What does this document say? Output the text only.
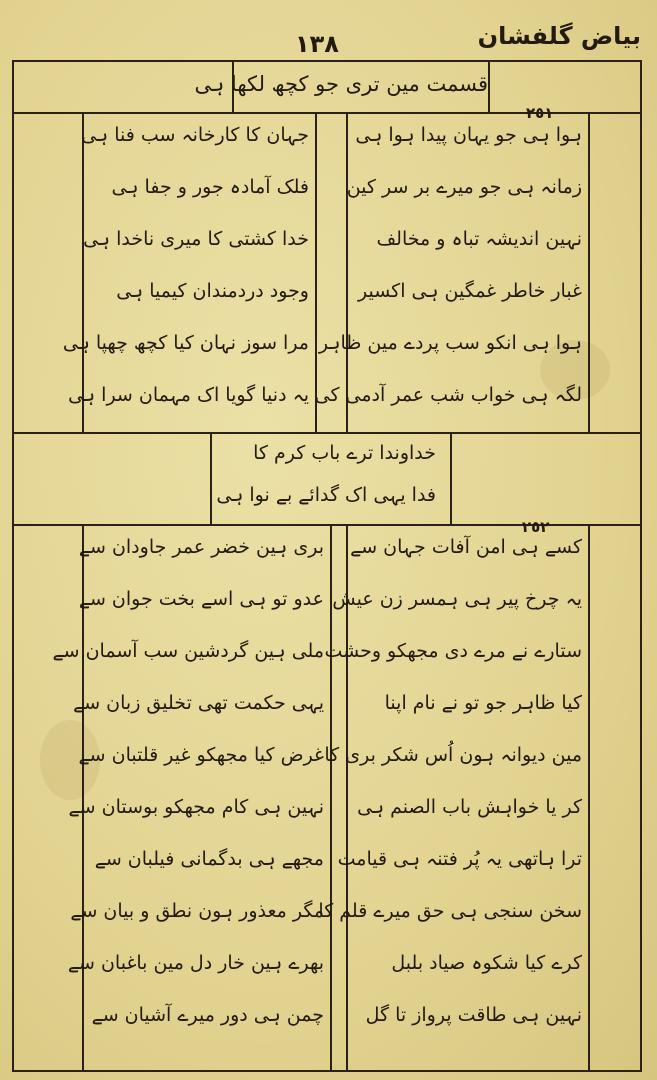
بیاض گلفشان
١٣٨
قسمت مین تری جو کچھ لکھا ہی
٢٥١
ہوا ہی جو یہان پیدا ہوا ہی
زمانہ ہی جو میرے بر سر کین
نہین اندیشہ تباہ و مخالف
غبار خاطر غمگین ہی اکسیر
ہوا ہی انکو سب پردے مین ظاہر
لگہ ہی خواب شب عمر آدمی کی
جہان کا کارخانہ سب فنا ہی
فلک آمادہ جور و جفا ہی
خدا کشتی کا میری ناخدا ہی
وجود دردمندان کیمیا ہی
مرا سوز نہان کیا کچھ چھپا ہی
یہ دنیا گویا اک مہمان سرا ہی
خداوندا ترے باب کرم کا
فدا یہی اک گدائے بے نوا ہی
٢٥٢
کسے ہی امن آفات جہان سے
یہ چرخ پیر ہی ہمسر زن عیش
ستارے نے مرے دی مجھکو وحشت
کیا ظاہر جو تو نے نام اپنا
مین دیوانہ ہون اُس شکر بری کا
کر یا خواہش باب الصنم ہی
ترا ہاتھی یہ پُر فتنہ ہی قیامت
سخن سنجی ہی حق میرے قلم کا
کرے کیا شکوہ صیاد بلبل
نہین ہی طاقت پرواز تا گل
بری ہین خضر عمر جاودان سے
عدو تو ہی اسے بخت جوان سے
ملی ہین گردشین سب آسمان سے
یہی حکمت تھی تخلیق زبان سے
غرض کیا مجھکو غیر قلتبان سے
نہین ہی کام مجھکو بوستان سے
مجھے ہی بدگمانی فیلبان سے
مگر معذور ہون نطق و بیان سے
بھرے ہین خار دل مین باغبان سے
چمن ہی دور میرے آشیان سے
